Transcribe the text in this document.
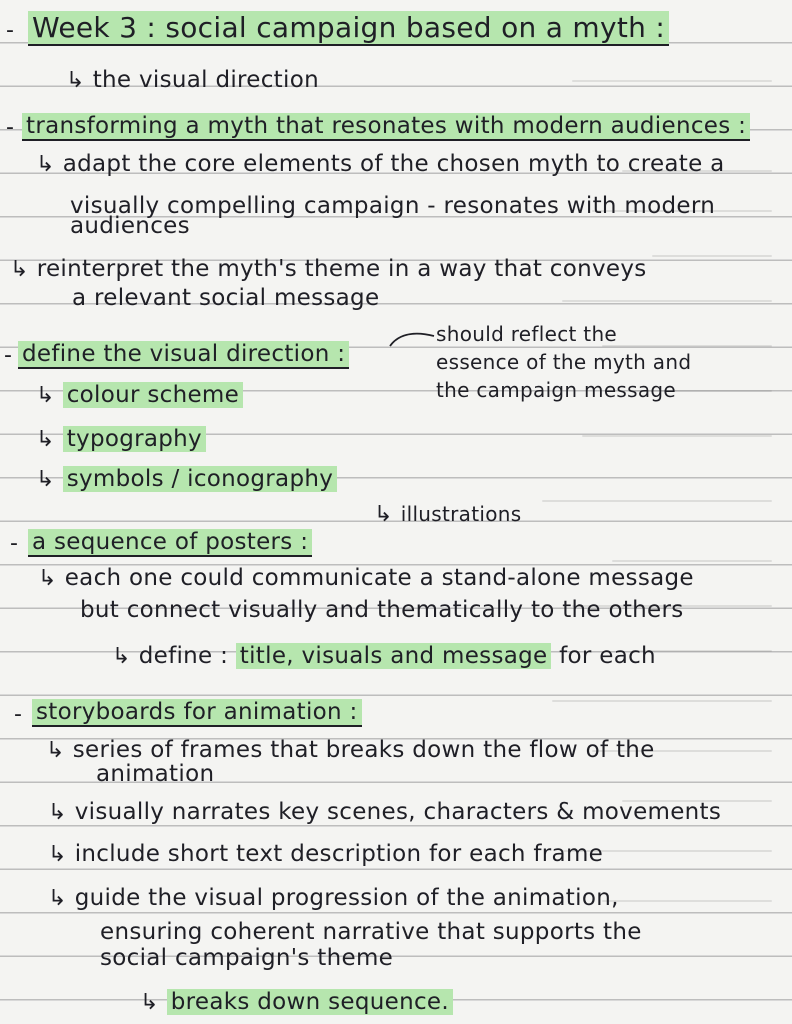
- Week 3 : social campaign based on a myth :
↳ the visual direction
- transforming a myth that resonates with modern audiences :
↳ adapt the core elements of the chosen myth to create a
visually compelling campaign - resonates with modern
audiences
↳ reinterpret the myth's theme in a way that conveys
a relevant social message
- define the visual direction :
should reflect the
essence of the myth and
the campaign message
↳ colour scheme
↳ typography
↳ symbols / iconography
↳ illustrations
- a sequence of posters :
↳ each one could communicate a stand-alone message
but connect visually and thematically to the others
↳ define : title, visuals and message for each
- storyboards for animation :
↳ series of frames that breaks down the flow of the
animation
↳ visually narrates key scenes, characters & movements
↳ include short text description for each frame
↳ guide the visual progression of the animation,
ensuring coherent narrative that supports the
social campaign's theme
↳ breaks down sequence.
